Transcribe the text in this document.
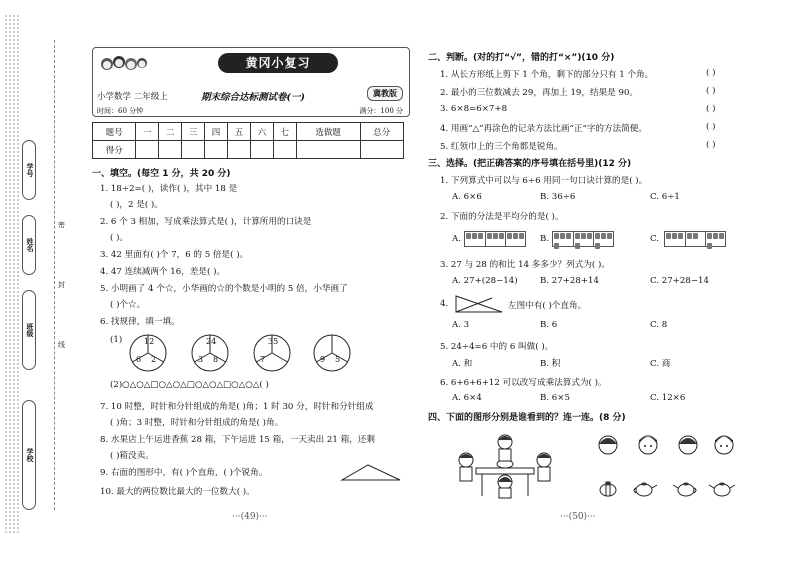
学号
姓名
班级
学校
密
封
线
黄冈小复习
小学数学 二年级上	期末综合达标测试卷(一)	冀教版
时间：60 分钟	满分：100 分
题号	一	二	三	四	五	六	七	选做题	总分
得分									
一、填空。(每空 1 分，共 20 分)
1. 18÷2=( )，读作( )，其中 18 是
( )，2 是( )。
2. 6 个 3 相加，写成乘法算式是( )，计算所用的口诀是
( )。
3. 42 里面有( )个 7，6 的 5 倍是( )。
4. 47 连续减两个 16，差是( )。
5. 小明画了 4 个☆，小华画的☆的个数是小明的 5 倍，小华画了
( )个☆。
6. 找规律，填一填。
(1)	12
6 2
24
3 8
35
7	9 5
(2)○△○△□○△○△□○△○△□○△○△( )
7. 10 时整，时针和分针组成的角是( )角；1 时 30 分，时针和分针组成
( )角；3 时整，时针和分针组成的角是( )角。
8. 水果店上午运进香蕉 28 箱，下午运进 15 箱，一天卖出 21 箱，还剩
( )箱没卖。
9. 右面的图形中，有( )个直角，( )个锐角。
10. 最大的两位数比最大的一位数大( )。
···(49)···
二、判断。(对的打“√”，错的打“×”)(10 分)
1. 从长方形纸上剪下 1 个角，剩下的部分只有 1 个角。	( )
2. 最小的三位数减去 29，再加上 19，结果是 90。	( )
3. 6×8=6×7+8	( )
4. 用画“△”再涂色的记录方法比画“正”字的方法简便。	( )
5. 红领巾上的三个角都是锐角。	( )
三、选择。(把正确答案的序号填在括号里)(12 分)
1. 下列算式中可以与 6÷6 用同一句口诀计算的是( )。
A. 6×6	B. 36÷6	C. 6÷1
2. 下面的分法是平均分的是( )。
A.	B.	C.
3. 27 与 28 的和比 14 多多少？列式为( )。
A. 27+(28−14)	B. 27+28+14	C. 27+28−14
4.	左图中有( )个直角。
A. 3	B. 6	C. 8
5. 24÷4=6 中的 6 叫做( )。
A. 和	B. 积	C. 商
6. 6+6+6+12 可以改写成乘法算式为( )。
A. 6×4	B. 6×5	C. 12×6
四、下面的图形分别是谁看到的？连一连。(8 分)
···(50)···
